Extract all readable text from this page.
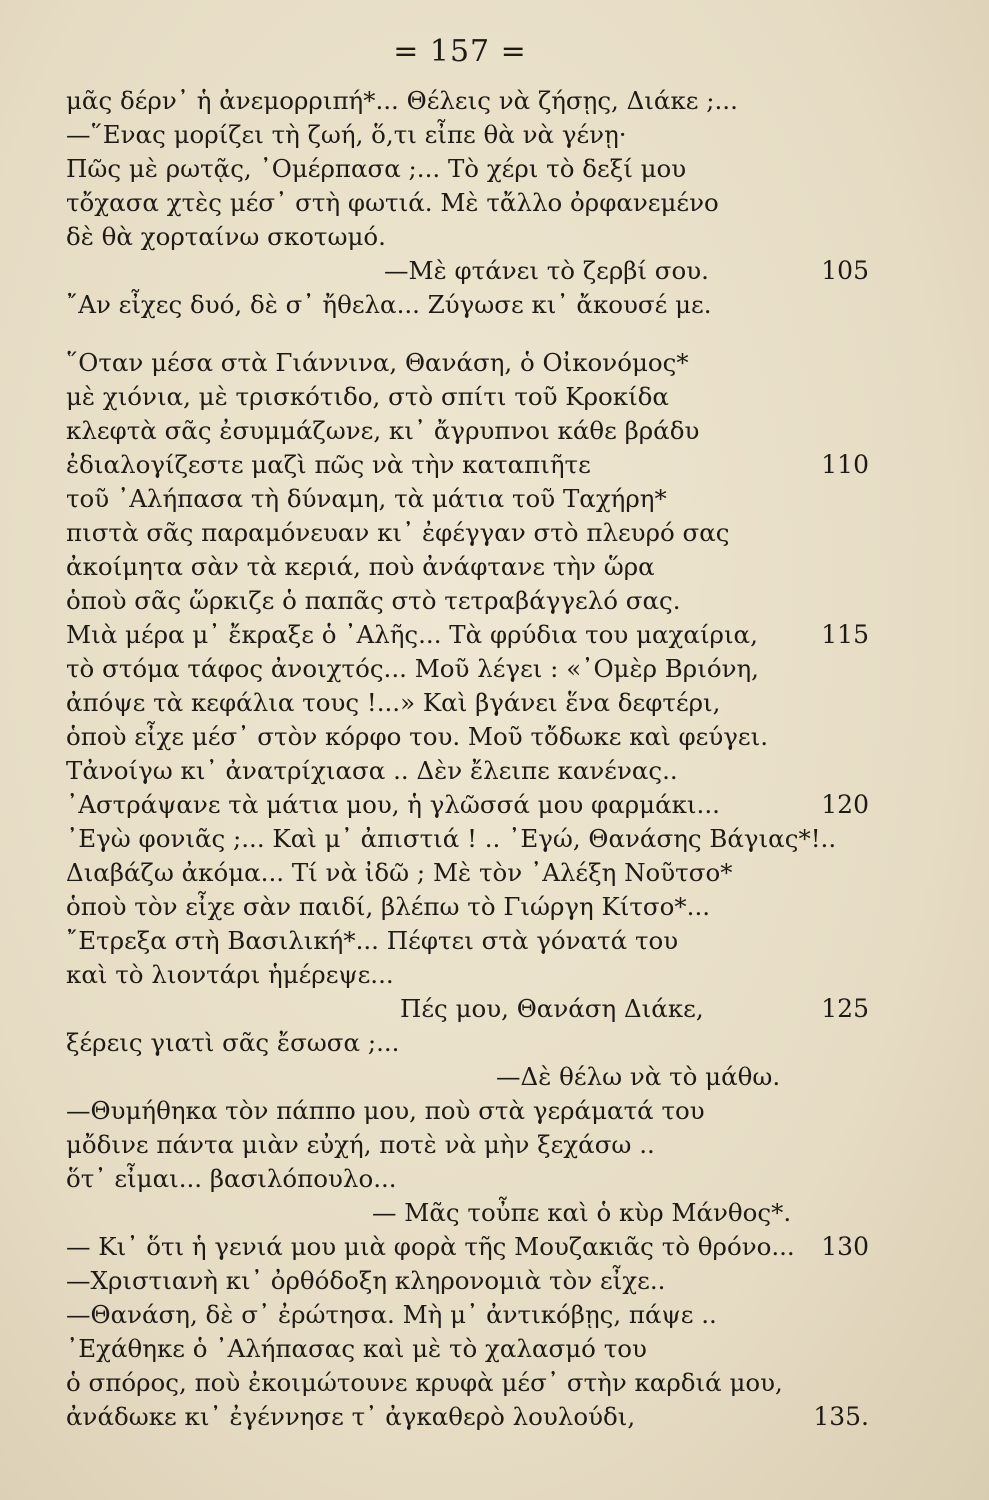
= 157 =
μᾶς δέρν᾽ ἡ ἀνεμορριπή*... Θέλεις νὰ ζήσῃς, Διάκε ;...
—῞Ενας μορίζει τὴ ζωή, ὅ,τι εἶπε θὰ νὰ γένῃ·
Πῶς μὲ ρωτᾷς, ᾿Ομέρπασα ;... Τὸ χέρι τὸ δεξί μου
τὄχασα χτὲς μέσ᾽ στὴ φωτιά. Μὲ τἄλλο ὀρφανεμένο
δὲ θὰ χορταίνω σκοτωμό.
—Μὲ φτάνει τὸ ζερβί σου.
῎Αν εἶχες δυό, δὲ σ᾽ ἤθελα... Ζύγωσε κι᾽ ἄκουσέ με.
῞Οταν μέσα στὰ Γιάννινα, Θανάση, ὁ Οἰκονόμος*
μὲ χιόνια, μὲ τρισκότιδο, στὸ σπίτι τοῦ Κροκίδα
κλεφτὰ σᾶς ἐσυμμάζωνε, κι᾽ ἄγρυπνοι κάθε βράδυ
ἐδιαλογίζεστε μαζὶ πῶς νὰ τὴν καταπιῆτε
τοῦ ᾿Αλήπασα τὴ δύναμη, τὰ μάτια τοῦ Ταχήρη*
πιστὰ σᾶς παραμόνευαν κι᾽ ἐφέγγαν στὸ πλευρό σας
ἀκοίμητα σὰν τὰ κεριά, ποὺ ἀνάφτανε τὴν ὥρα
ὁποὺ σᾶς ὥρκιζε ὁ παπᾶς στὸ τετραβάγγελό σας.
Μιὰ μέρα μ᾽ ἔκραξε ὁ ᾿Αλῆς... Τὰ φρύδια του μαχαίρια,
τὸ στόμα τάφος ἀνοιχτός... Μοῦ λέγει : «᾿Ομὲρ Βριόνη,
ἀπόψε τὰ κεφάλια τους !...» Καὶ βγάνει ἕνα δεφτέρι,
ὁποὺ εἶχε μέσ᾽ στὸν κόρφο του. Μοῦ τὄδωκε καὶ φεύγει.
Τἀνοίγω κι᾽ ἀνατρίχιασα .. Δὲν ἔλειπε κανένας..
᾿Αστράψανε τὰ μάτια μου, ἡ γλῶσσά μου φαρμάκι...
᾿Εγὼ φονιᾶς ;... Καὶ μ᾽ ἀπιστιά ! .. ᾿Εγώ, Θανάσης Βάγιας*!..
Διαβάζω ἀκόμα... Τί νὰ ἰδῶ ; Μὲ τὸν ᾿Αλέξη Νοῦτσο*
ὁποὺ τὸν εἶχε σὰν παιδί, βλέπω τὸ Γιώργη Κίτσο*...
῎Ετρεξα στὴ Βασιλική*... Πέφτει στὰ γόνατά του
καὶ τὸ λιοντάρι ἡμέρεψε...
Πές μου, Θανάση Διάκε,
ξέρεις γιατὶ σᾶς ἔσωσα ;...
—Δὲ θέλω νὰ τὸ μάθω.
—Θυμήθηκα τὸν πάππο μου, ποὺ στὰ γεράματά του
μὄδινε πάντα μιὰν εὐχή, ποτὲ νὰ μὴν ξεχάσω ..
ὅτ᾽ εἶμαι... βασιλόπουλο...
— Μᾶς τοὖπε καὶ ὁ κὺρ Μάνθος*.
— Κι᾽ ὅτι ἡ γενιά μου μιὰ φορὰ τῆς Μουζακιᾶς τὸ θρόνο...
—Χριστιανὴ κι᾽ ὀρθόδοξη κληρονομιὰ τὸν εἶχε..
—Θανάση, δὲ σ᾽ ἐρώτησα. Μὴ μ᾽ ἀντικόβῃς, πάψε ..
᾿Εχάθηκε ὁ ᾿Αλήπασας καὶ μὲ τὸ χαλασμό του
ὁ σπόρος, ποὺ ἐκοιμώτουνε κρυφὰ μέσ᾽ στὴν καρδιά μου,
ἀνάδωκε κι᾽ ἐγέννησε τ᾽ ἀγκαθερὸ λουλούδι,
105
110
115
120
125
130
135.
